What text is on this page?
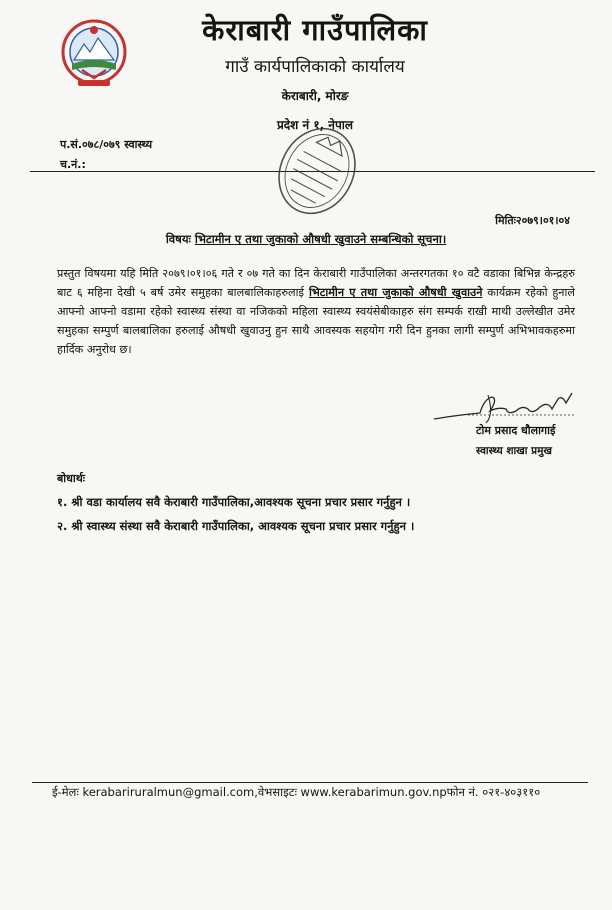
केराबारी गाउँपालिका
गाउँ कार्यपालिकाको कार्यालय
केराबारी, मोरङ
प्रदेश नं १, नेपाल
प.सं.०७८/०७९ स्वास्थ्य
च.नं.:
मितिः२०७९।०१।०४
विषयः भिटामीन ए तथा जुकाको औषधी खुवाउने सम्बन्धिको सूचना।
प्रस्तुत विषयमा यहि मिति २०७९।०१।०६ गते र ०७ गते का दिन केराबारी गाउँपालिका अन्तरगतका १० वटै वडाका बिभिन्न केन्द्रहरु बाट ६ महिना देखी ५ बर्ष उमेर समुहका बालबालिकाहरुलाई भिटामीन ए तथा जुकाको औषधी खुवाउने कार्यक्रम रहेको हुनाले आफ्नो आफ्नो वडामा रहेको स्वास्थ्य संस्था वा नजिकको महिला स्वास्थ्य स्वयंसेबीकाहरु संग सम्पर्क राखी माथी उल्लेखीत उमेर समुहका सम्पुर्ण बालबालिका हरुलाई औषधी खुवाउनु हुन साथै आवस्यक सहयोग गरी दिन हुनका लागी सम्पुर्ण अभिभावकहरुमा हार्दिक अनुरोध छ।
टोम प्रसाद धौलागाई
स्वास्थ्य शाखा प्रमुख
बोधार्थः
१. श्री वडा कार्यालय सवै केराबारी गाउँपालिका,आवश्यक सूचना प्रचार प्रसार गर्नुहुन ।
२. श्री स्वास्थ्य संस्था सवै केराबारी गाउँपालिका, आवश्यक सूचना प्रचार प्रसार गर्नुहुन ।
ई-मेलः kerabariruralmun@gmail.com,वेभसाइटः www.kerabarimun.gov.npफोन नं. ०२१-४०३११०
